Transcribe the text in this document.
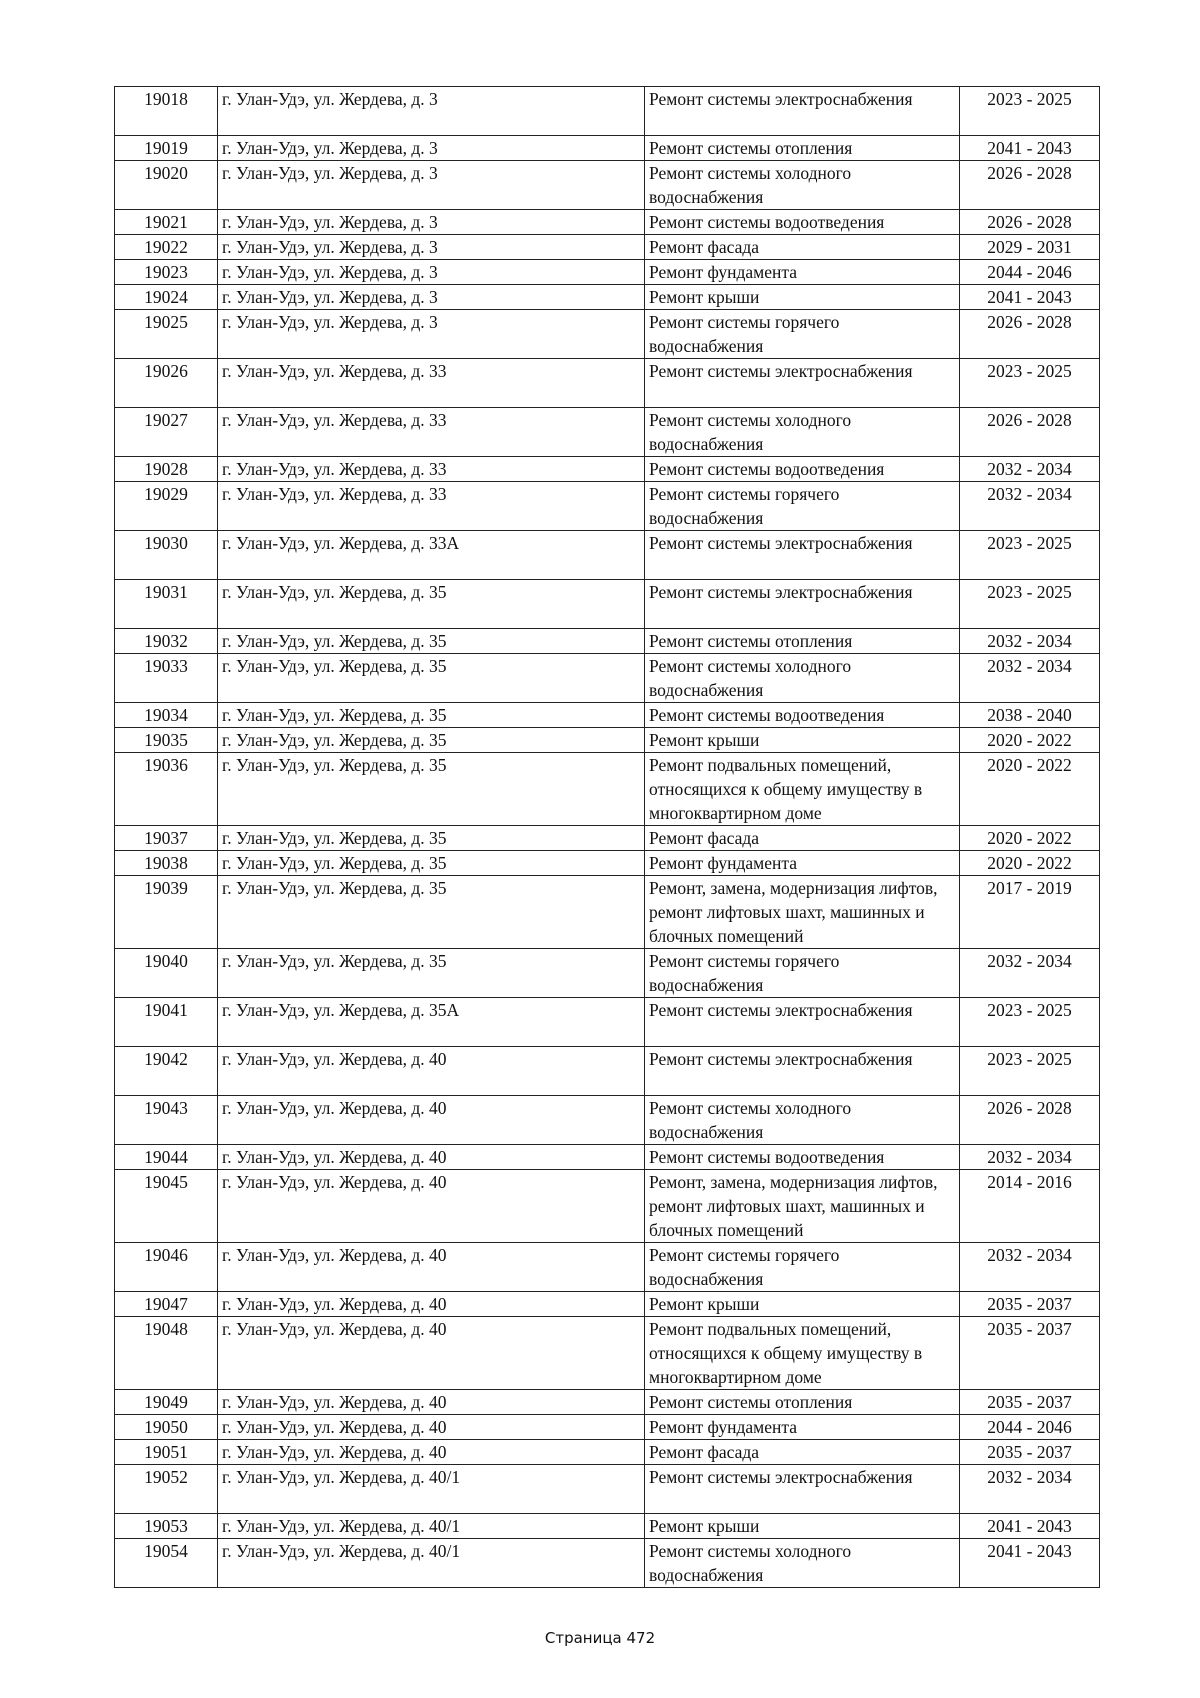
19018	г. Улан-Удэ, ул. Жердева, д. 3	Ремонт системы электроснабжения	2023 - 2025
19019	г. Улан-Удэ, ул. Жердева, д. 3	Ремонт системы отопления	2041 - 2043
19020	г. Улан-Удэ, ул. Жердева, д. 3	Ремонт системы холодного водоснабжения	2026 - 2028
19021	г. Улан-Удэ, ул. Жердева, д. 3	Ремонт системы водоотведения	2026 - 2028
19022	г. Улан-Удэ, ул. Жердева, д. 3	Ремонт фасада	2029 - 2031
19023	г. Улан-Удэ, ул. Жердева, д. 3	Ремонт фундамента	2044 - 2046
19024	г. Улан-Удэ, ул. Жердева, д. 3	Ремонт крыши	2041 - 2043
19025	г. Улан-Удэ, ул. Жердева, д. 3	Ремонт системы горячего водоснабжения	2026 - 2028
19026	г. Улан-Удэ, ул. Жердева, д. 33	Ремонт системы электроснабжения	2023 - 2025
19027	г. Улан-Удэ, ул. Жердева, д. 33	Ремонт системы холодного водоснабжения	2026 - 2028
19028	г. Улан-Удэ, ул. Жердева, д. 33	Ремонт системы водоотведения	2032 - 2034
19029	г. Улан-Удэ, ул. Жердева, д. 33	Ремонт системы горячего водоснабжения	2032 - 2034
19030	г. Улан-Удэ, ул. Жердева, д. 33А	Ремонт системы электроснабжения	2023 - 2025
19031	г. Улан-Удэ, ул. Жердева, д. 35	Ремонт системы электроснабжения	2023 - 2025
19032	г. Улан-Удэ, ул. Жердева, д. 35	Ремонт системы отопления	2032 - 2034
19033	г. Улан-Удэ, ул. Жердева, д. 35	Ремонт системы холодного водоснабжения	2032 - 2034
19034	г. Улан-Удэ, ул. Жердева, д. 35	Ремонт системы водоотведения	2038 - 2040
19035	г. Улан-Удэ, ул. Жердева, д. 35	Ремонт крыши	2020 - 2022
19036	г. Улан-Удэ, ул. Жердева, д. 35	Ремонт подвальных помещений, относящихся к общему имуществу в многоквартирном доме	2020 - 2022
19037	г. Улан-Удэ, ул. Жердева, д. 35	Ремонт фасада	2020 - 2022
19038	г. Улан-Удэ, ул. Жердева, д. 35	Ремонт фундамента	2020 - 2022
19039	г. Улан-Удэ, ул. Жердева, д. 35	Ремонт, замена, модернизация лифтов, ремонт лифтовых шахт, машинных и блочных помещений	2017 - 2019
19040	г. Улан-Удэ, ул. Жердева, д. 35	Ремонт системы горячего водоснабжения	2032 - 2034
19041	г. Улан-Удэ, ул. Жердева, д. 35А	Ремонт системы электроснабжения	2023 - 2025
19042	г. Улан-Удэ, ул. Жердева, д. 40	Ремонт системы электроснабжения	2023 - 2025
19043	г. Улан-Удэ, ул. Жердева, д. 40	Ремонт системы холодного водоснабжения	2026 - 2028
19044	г. Улан-Удэ, ул. Жердева, д. 40	Ремонт системы водоотведения	2032 - 2034
19045	г. Улан-Удэ, ул. Жердева, д. 40	Ремонт, замена, модернизация лифтов, ремонт лифтовых шахт, машинных и блочных помещений	2014 - 2016
19046	г. Улан-Удэ, ул. Жердева, д. 40	Ремонт системы горячего водоснабжения	2032 - 2034
19047	г. Улан-Удэ, ул. Жердева, д. 40	Ремонт крыши	2035 - 2037
19048	г. Улан-Удэ, ул. Жердева, д. 40	Ремонт подвальных помещений, относящихся к общему имуществу в многоквартирном доме	2035 - 2037
19049	г. Улан-Удэ, ул. Жердева, д. 40	Ремонт системы отопления	2035 - 2037
19050	г. Улан-Удэ, ул. Жердева, д. 40	Ремонт фундамента	2044 - 2046
19051	г. Улан-Удэ, ул. Жердева, д. 40	Ремонт фасада	2035 - 2037
19052	г. Улан-Удэ, ул. Жердева, д. 40/1	Ремонт системы электроснабжения	2032 - 2034
19053	г. Улан-Удэ, ул. Жердева, д. 40/1	Ремонт крыши	2041 - 2043
19054	г. Улан-Удэ, ул. Жердева, д. 40/1	Ремонт системы холодного водоснабжения	2041 - 2043
Страница 472
